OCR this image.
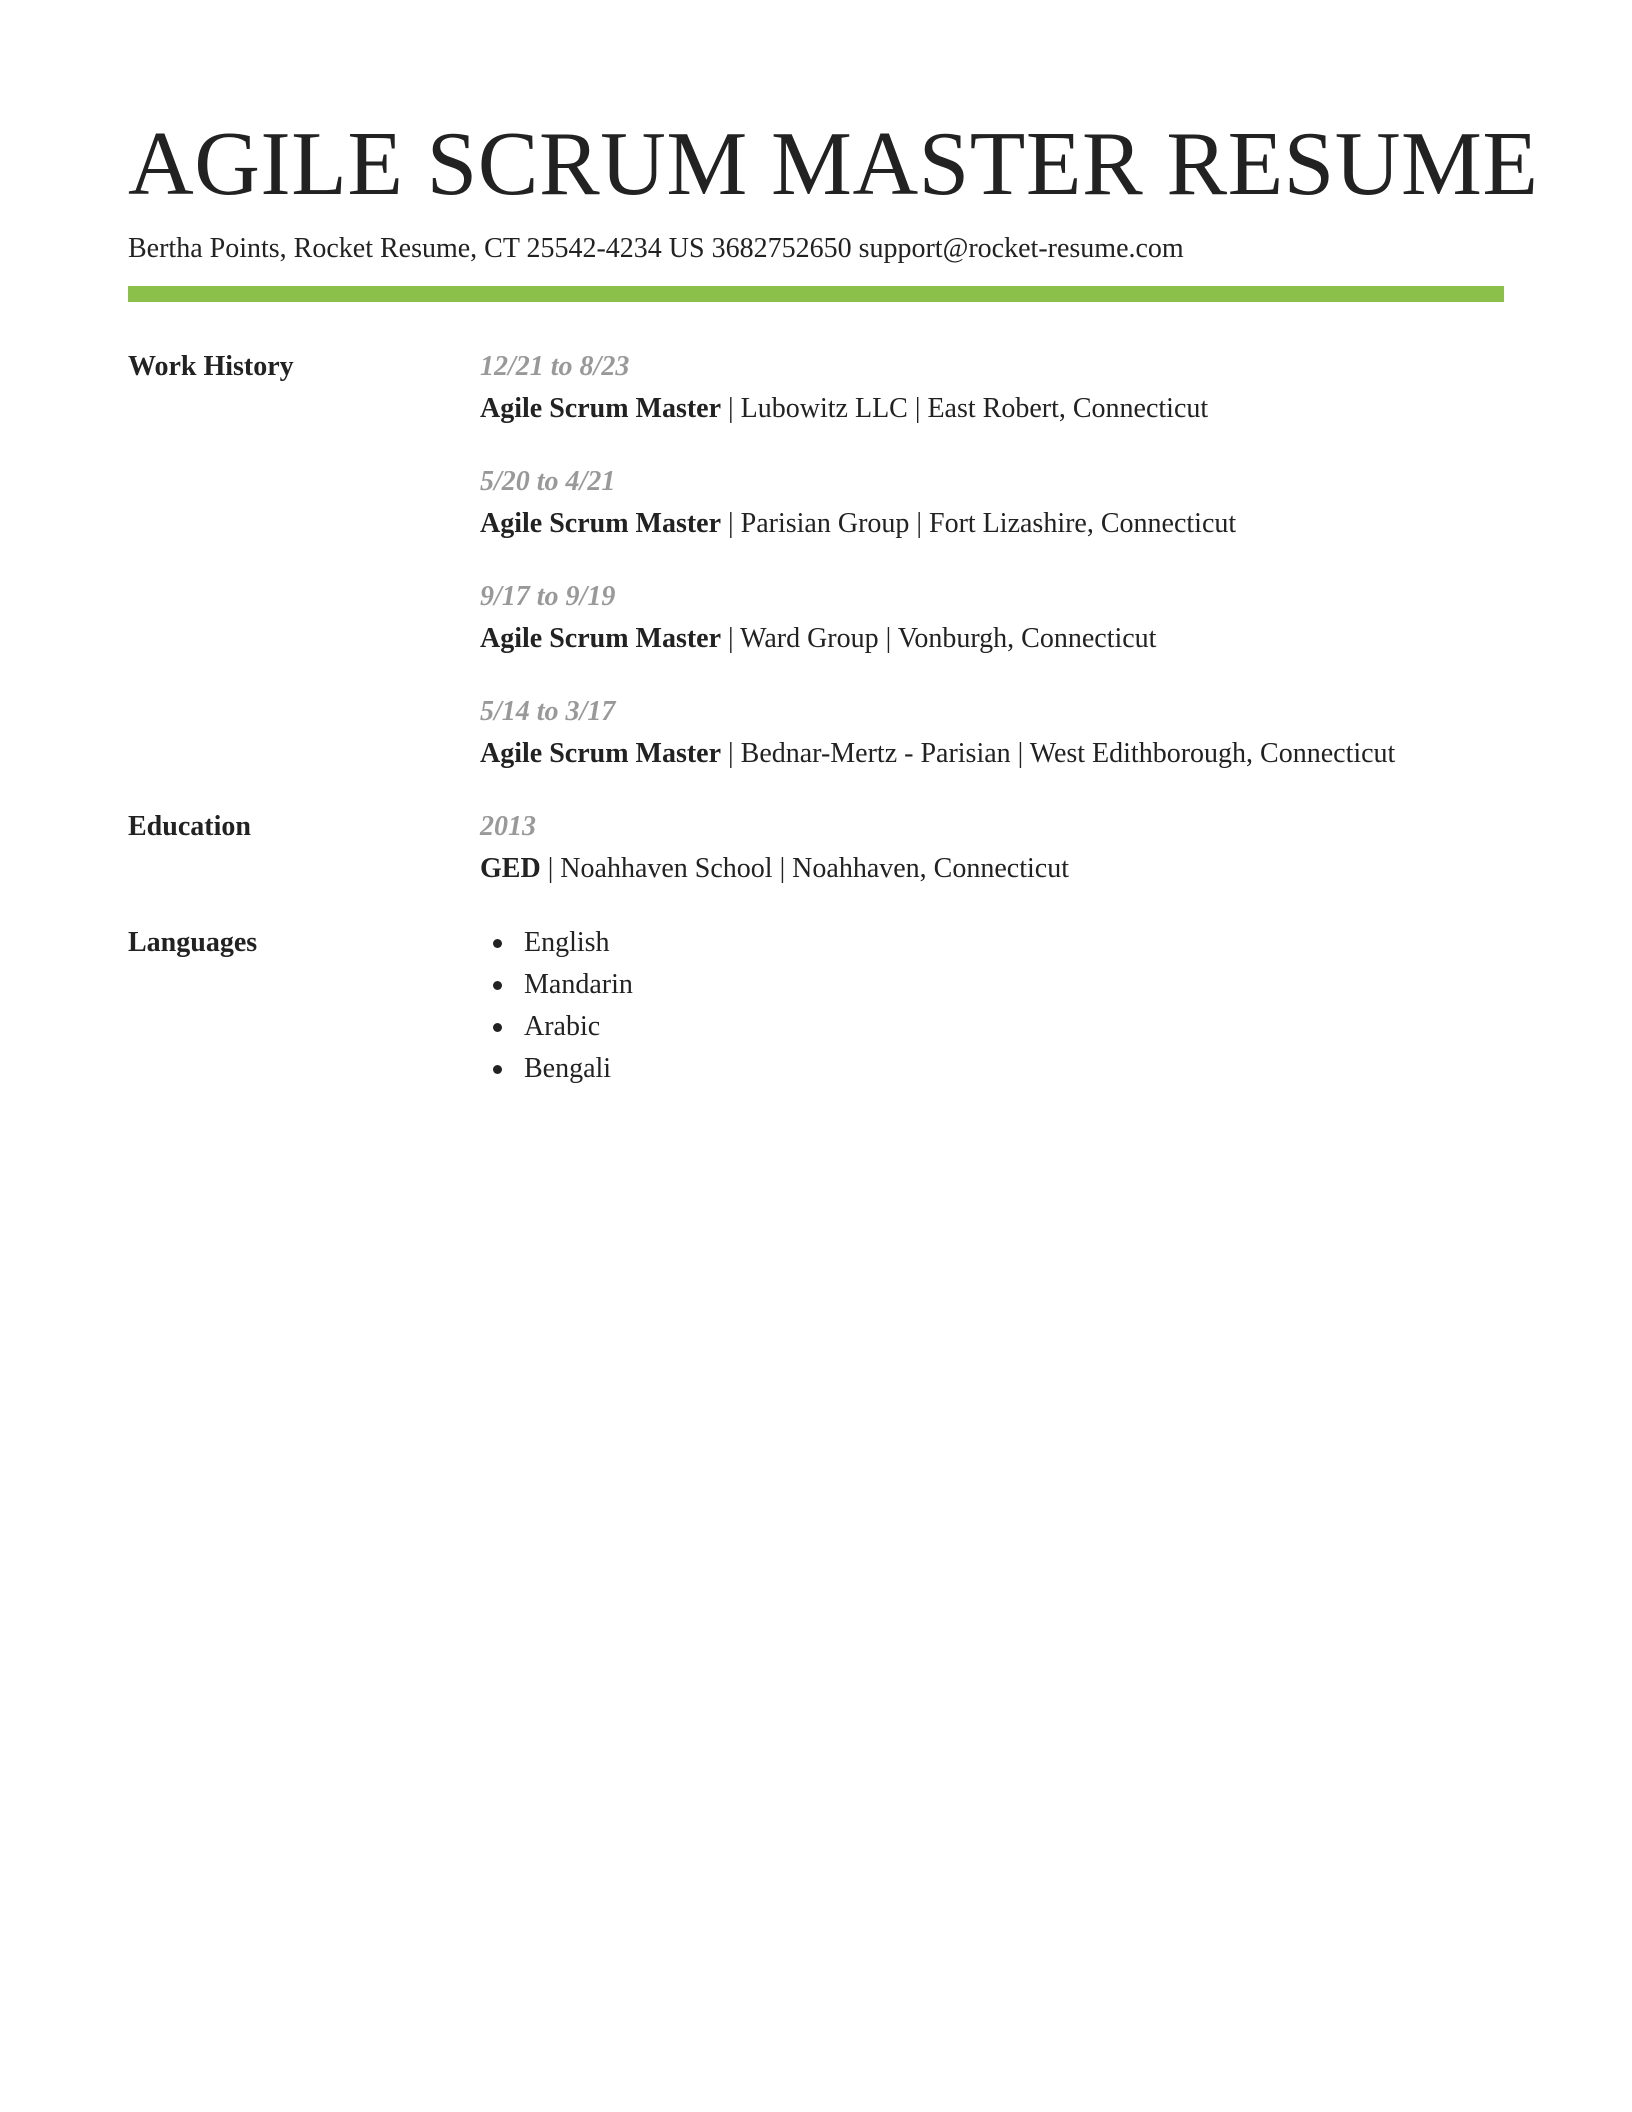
AGILE SCRUM MASTER RESUME
Bertha Points, Rocket Resume, CT 25542-4234 US 3682752650 support@rocket-resume.com
Work History	12/21 to 8/23
Agile Scrum Master | Lubowitz LLC | East Robert, Connecticut
5/20 to 4/21
Agile Scrum Master | Parisian Group | Fort Lizashire, Connecticut
9/17 to 9/19
Agile Scrum Master | Ward Group | Vonburgh, Connecticut
5/14 to 3/17
Agile Scrum Master | Bednar-Mertz - Parisian | West Edithborough, Connecticut
Education	2013
GED | Noahhaven School | Noahhaven, Connecticut
Languages	English
Mandarin
Arabic
Bengali
